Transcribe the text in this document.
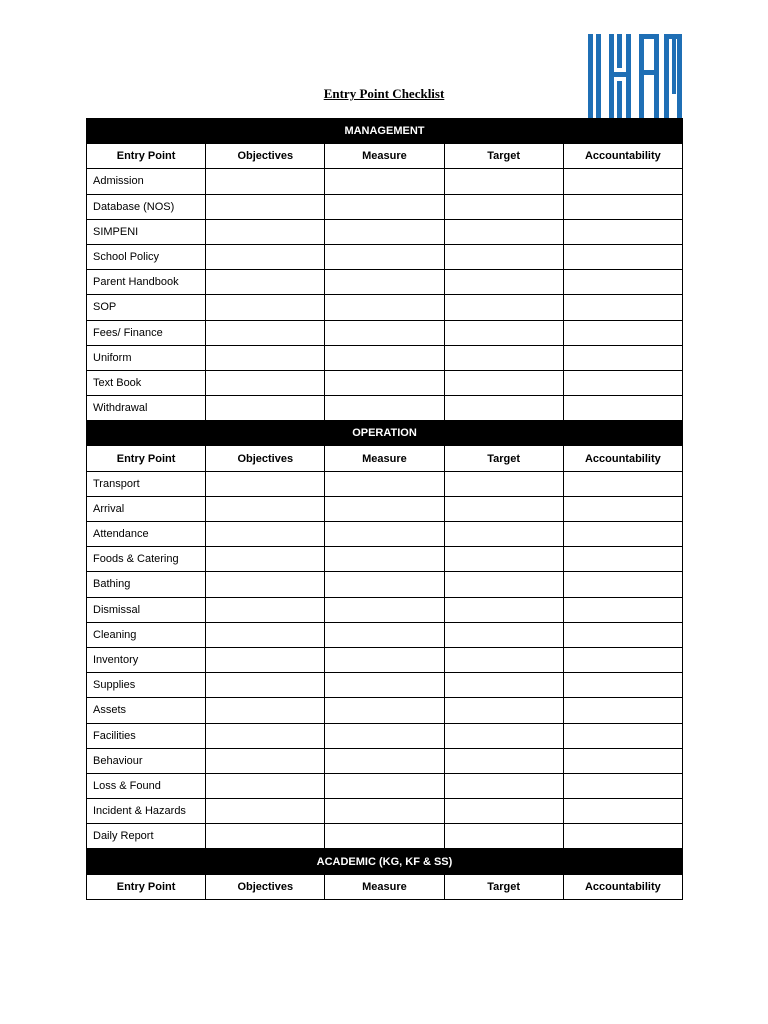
Entry Point Checklist
MANAGEMENT				
Entry Point	Objectives	Measure	Target	Accountability
Admission				
Database (NOS)				
SIMPENI				
School Policy				
Parent Handbook				
SOP				
Fees/ Finance				
Uniform				
Text Book				
Withdrawal				
OPERATION				
Entry Point	Objectives	Measure	Target	Accountability
Transport				
Arrival				
Attendance				
Foods & Catering				
Bathing				
Dismissal				
Cleaning				
Inventory				
Supplies				
Assets				
Facilities				
Behaviour				
Loss & Found				
Incident & Hazards				
Daily Report				
ACADEMIC (KG, KF & SS)				
Entry Point	Objectives	Measure	Target	Accountability
